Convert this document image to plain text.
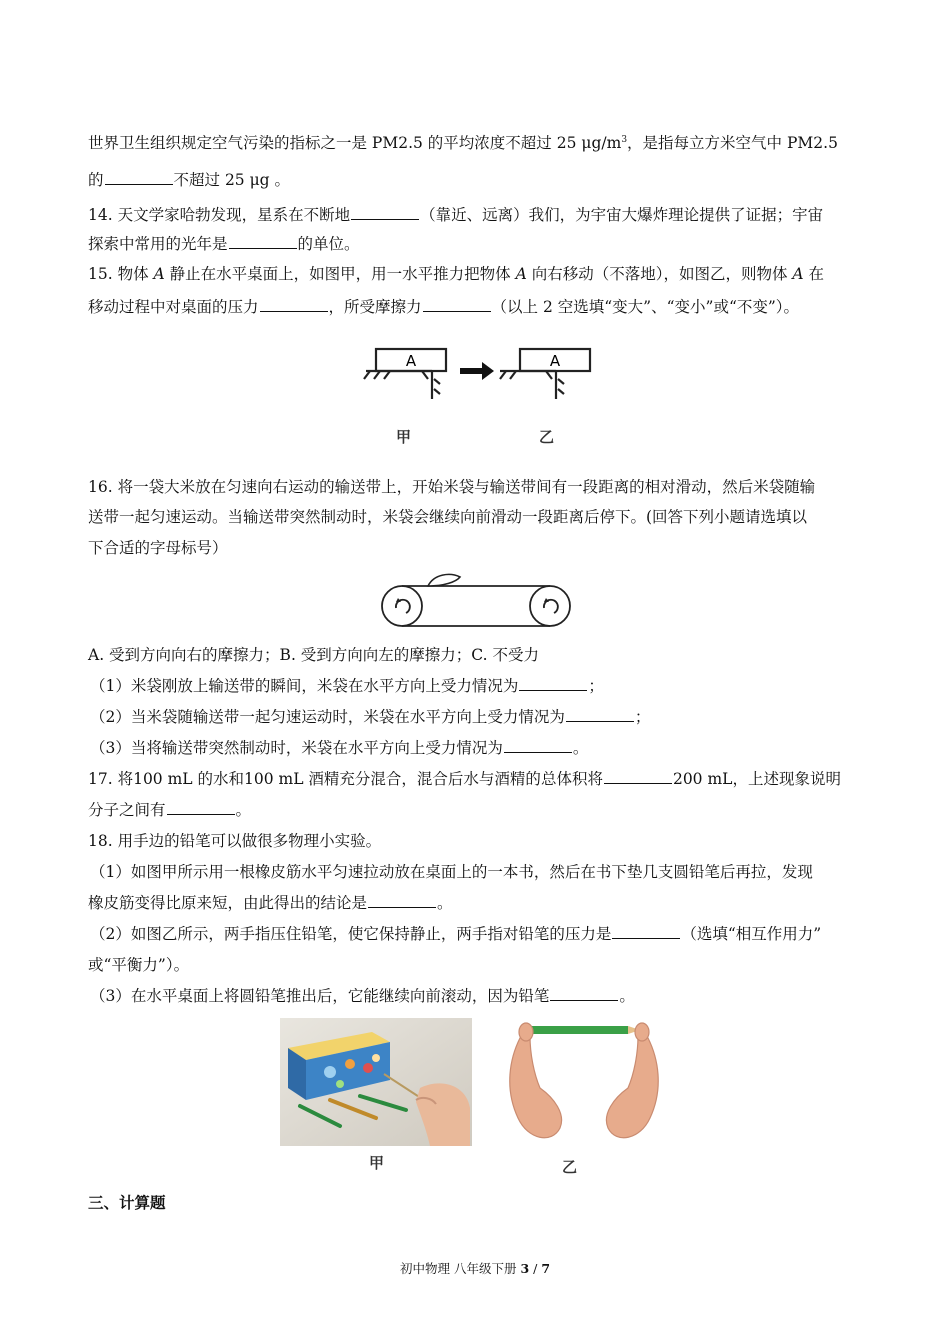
世界卫生组织规定空气污染的指标之一是 PM2.5 的平均浓度不超过 25 $\mu g/m^3$，是指每立方米空气中 PM2.5
的	不超过 25 μg 。
14. 天文学家哈勃发现，星系在不断地	（靠近、远离）我们，为宇宙大爆炸理论提供了证据；宇宙
探索中常用的光年是	的单位。
15. 物体 A 静止在水平桌面上，如图甲，用一水平推力把物体 A 向右移动（不落地），如图乙，则物体 A 在
移动过程中对桌面的压力	，所受摩擦力	（以上 2 空选填“变大”、“变小”或“不变”）。
A	A
甲	乙
16. 将一袋大米放在匀速向右运动的输送带上，开始米袋与输送带间有一段距离的相对滑动，然后米袋随输
送带一起匀速运动。当输送带突然制动时，米袋会继续向前滑动一段距离后停下。(回答下列小题请选填以
下合适的字母标号）
A. 受到方向向右的摩擦力；B. 受到方向向左的摩擦力；C. 不受力
（1）米袋刚放上输送带的瞬间，米袋在水平方向上受力情况为	；
（2）当米袋随输送带一起匀速运动时，米袋在水平方向上受力情况为	；
（3）当将输送带突然制动时，米袋在水平方向上受力情况为	。
17. 将100 mL 的水和100 mL 酒精充分混合，混合后水与酒精的总体积将	200 mL，上述现象说明
分子之间有	。
18. 用手边的铅笔可以做很多物理小实验。
（1）如图甲所示用一根橡皮筋水平匀速拉动放在桌面上的一本书，然后在书下垫几支圆铅笔后再拉，发现
橡皮筋变得比原来短，由此得出的结论是	。
（2）如图乙所示，两手指压住铅笔，使它保持静止，两手指对铅笔的压力是	（选填“相互作用力”
或“平衡力”）。
（3）在水平桌面上将圆铅笔推出后，它能继续向前滚动，因为铅笔	。
甲	乙
三、计算题
初中物理 八年级下册 3 / 7
